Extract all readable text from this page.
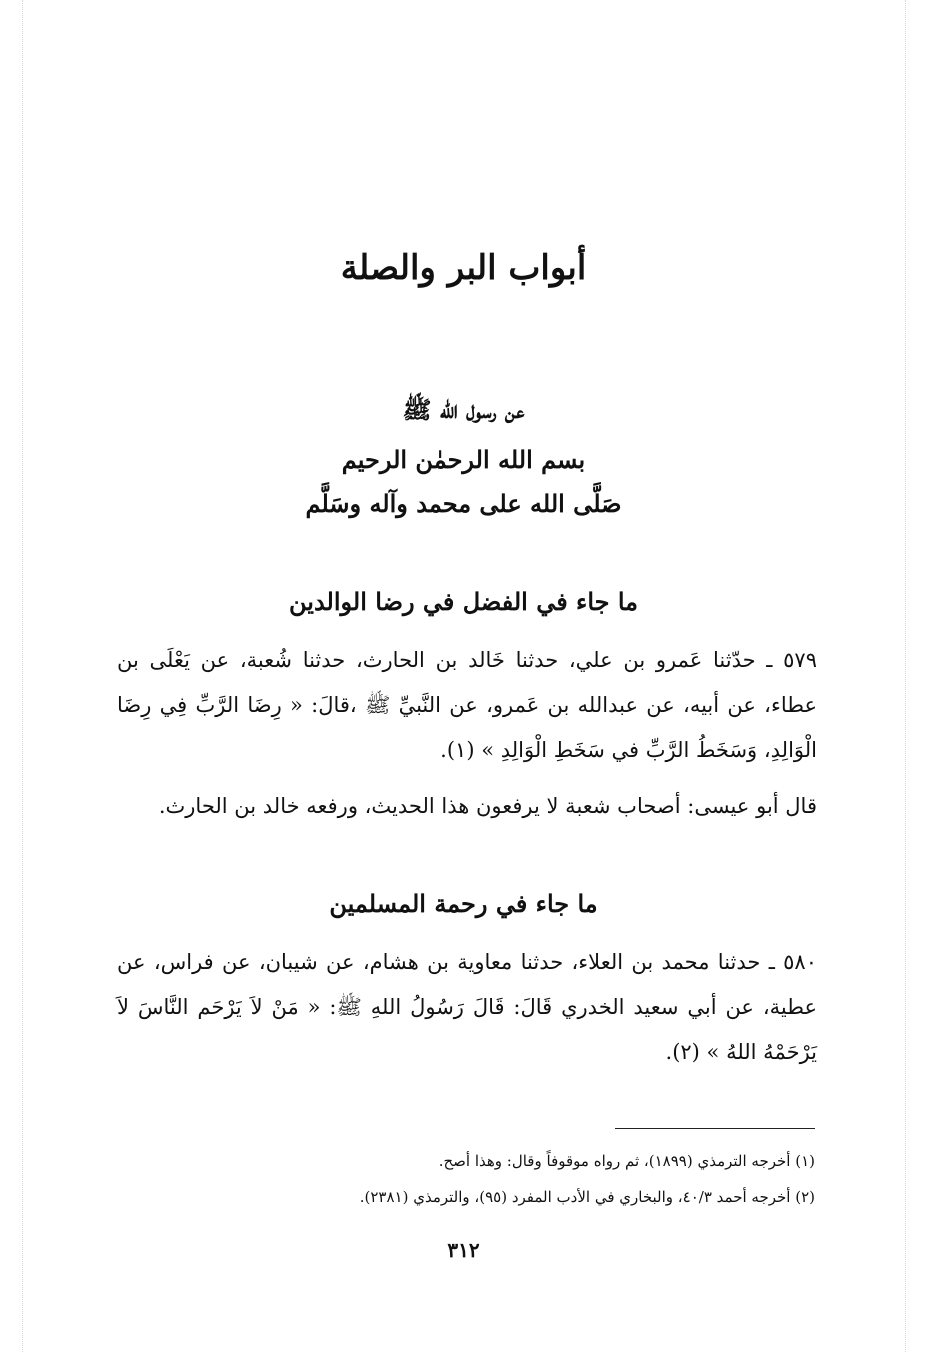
أبواب البر والصلة
عن رسول الله ﷺ
بسم الله الرحمٰن الرحيم
صَلَّى الله على محمد وآله وسَلَّم
ما جاء في الفضل في رضا الوالدين
٥٧٩ ـ حدّثنا عَمرو بن علي، حدثنا خَالد بن الحارث، حدثنا شُعبة، عن يَعْلَى بن عطاء، عن أبيه، عن عبدالله بن عَمرو، عن النَّبيِّ ﷺ ،قالَ: « رِضَا الرَّبِّ فِي رِضَا الْوَالِدِ، وَسَخَطُ الرَّبِّ في سَخَطِ الْوَالِدِ » (١).
قال أبو عيسى: أصحاب شعبة لا يرفعون هذا الحديث، ورفعه خالد بن الحارث.
ما جاء في رحمة المسلمين
٥٨٠ ـ حدثنا محمد بن العلاء، حدثنا معاوية بن هشام، عن شيبان، عن فراس، عن عطية، عن أبي سعيد الخدري قَالَ: قَالَ رَسُولُ اللهِ ﷺ: « مَنْ لاَ يَرْحَم النَّاسَ لاَ يَرْحَمْهُ اللهُ » (٢).
(١) أخرجه الترمذي (١٨٩٩)، ثم رواه موقوفاً وقال: وهذا أصح.
(٢) أخرجه أحمد ٤٠/٣، والبخاري في الأدب المفرد (٩٥)، والترمذي (٢٣٨١).
٣١٢
